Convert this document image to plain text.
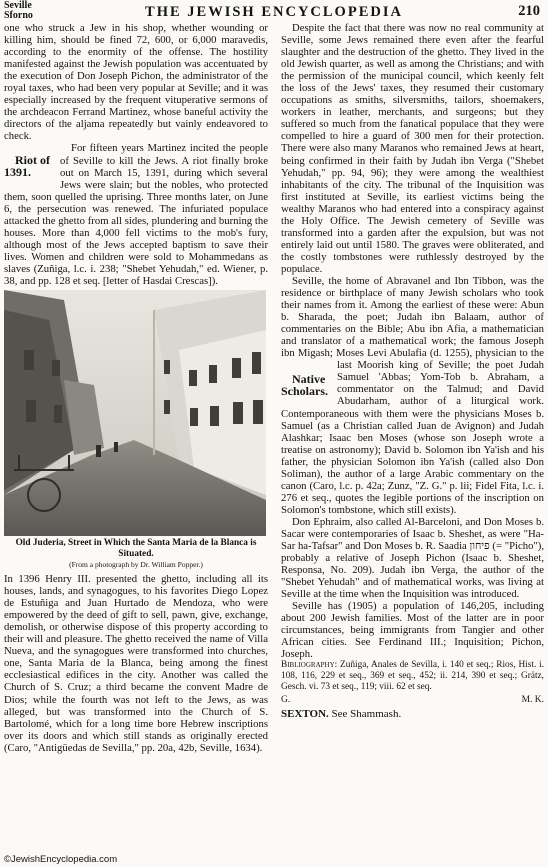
Seville
Sforno	THE JEWISH ENCYCLOPEDIA	210

one who struck a Jew in his shop, whether wounding or killing him, should be fined 72, 600, or 6,000 maravedis, according to the enormity of the offense. The hostility manifested against the Jewish population was accentuated by the execution of Don Joseph Pichon, the administrator of the royal taxes, who had been very popular at Seville; and it was especially increased by the frequent vituperative sermons of the archdeacon Ferrand Martinez, whose baneful activity the directors of the aljama repeatedly but vainly endeavored to check.

Riot of 1391.
For fifteen years Martinez incited the people of Seville to kill the Jews. A riot finally broke out on March 15, 1391, during which several Jews were slain; but the nobles, who protected them, soon quelled the uprising. Three months later, on June 6, the persecution was renewed. The infuriated populace attacked the ghetto from all sides, plundering and burning the houses. More than 4,000 fell victims to the mob's fury, although most of the Jews accepted baptism to save their lives. Women and children were sold to Mohammedans as slaves (Zuñiga, l.c. i. 238; "Shebet Yehudah," ed. Wiener, p. 38, and pp. 128 et seq. [letter of Hasdai Crescas]).

Old Juderia, Street in Which the Santa Maria de la Blanca is Situated.
(From a photograph by Dr. William Popper.)

In 1396 Henry III. presented the ghetto, including all its houses, lands, and synagogues, to his favorites Diego Lopez de Estuñiga and Juan Hurtado de Mendoza, who were empowered by the deed of gift to sell, pawn, give, exchange, demolish, or otherwise dispose of this property according to their will and pleasure. The ghetto received the name of Villa Nueva, and the synagogues were transformed into churches, one, Santa Maria de la Blanca, being among the finest ecclesiastical edifices in the city. Another was called the Church of S. Cruz; a third became the convent Madre de Dios; while the fourth was not left to the Jews, as was alleged, but was transformed into the Church of S. Bartolomé, which for a long time bore Hebrew inscriptions over its doors and which still stands as originally erected (Caro, "Antigüedas de Sevilla," pp. 20a, 42b, Seville, 1634).

Despite the fact that there was now no real community at Seville, some Jews remained there even after the fearful slaughter and the destruction of the ghetto. They lived in the old Jewish quarter, as well as among the Christians; and with the permission of the municipal council, which keenly felt the loss of the Jews' taxes, they resumed their customary occupations as smiths, silversmiths, tailors, shoemakers, workers in leather, merchants, and surgeons; but they suffered so much from the fanatical populace that they were compelled to hire a guard of 300 men for their protection. There were also many Maranos who remained Jews at heart, being confirmed in their faith by Judah ibn Verga ("Shebet Yehudah," pp. 94, 96); they were among the wealthiest inhabitants of the city. The tribunal of the Inquisition was first instituted at Seville, its earliest victims being the wealthy Maranos who had entered into a conspiracy against the Holy Office. The Jewish cemetery of Seville was transformed into a garden after the expulsion, but was not entirely laid out until 1580. The graves were obliterated, and the costly tombstones were ruthlessly destroyed by the populace.

Seville, the home of Abravanel and Ibn Tibbon, was the residence or birthplace of many Jewish scholars who took their names from it. Among the earliest of these were: Abun b. Sharada, the poet; Judah ibn Balaam, author of commentaries on the Bible; Abu ibn Afia, a mathematician and translator of a mathematical work; the famous Joseph ibn Migash; Moses Levi Abulafia (d. 1255), physician to the last Moorish king of Seville; the poet Judah
Native Scholars.
Samuel 'Abbas; Yom-Tob b. Abraham, a commentator on the Talmud; and David Abudarham, author of a liturgical work. Contemporaneous with them were the physicians Moses b. Samuel (as a Christian called Juan de Avignon) and Judah Alashkar; Isaac ben Moses (whose son Joseph wrote a treatise on astronomy); David b. Solomon ibn Ya'ish and his father, the physician Solomon ibn Ya'ish (called also Don Soliman), the author of a large Arabic commentary on the canon (Caro, l.c. p. 42a; Zunz, "Z. G." p. lii; Fidel Fita, l.c. i. 276 et seq., quotes the legible portions of the inscription on Solomon's tombstone, which still exists).

Don Ephraim, also called Al-Barceloni, and Don Moses b. Sacar were contemporaries of Isaac b. Sheshet, as were "Ha-Sar ha-Tafsar" and Don Moses b. R. Saadia פיחון (= "Picho"), probably a relative of Joseph Pichon (Isaac b. Sheshet, Responsa, No. 209). Judah ibn Verga, the author of the "Shebet Yehudah" and of mathematical works, was living at Seville at the time when the Inquisition was introduced.

Seville has (1905) a population of 146,205, including about 200 Jewish families. Most of the latter are in poor circumstances, being immigrants from Tangier and other African cities. See Ferdinand III.; Inquisition; Pichon, Joseph.

Bibliography: Zuñiga, Anales de Sevilla, i. 140 et seq.; Rios, Hist. i. 108, 116, 229 et seq., 369 et seq., 452; ii. 214, 390 et seq.; Grätz, Gesch. vi. 73 et seq., 119; viii. 62 et seq.

G.	M. K.
SEXTON. See Shammash.
©JewishEncyclopedia.com
